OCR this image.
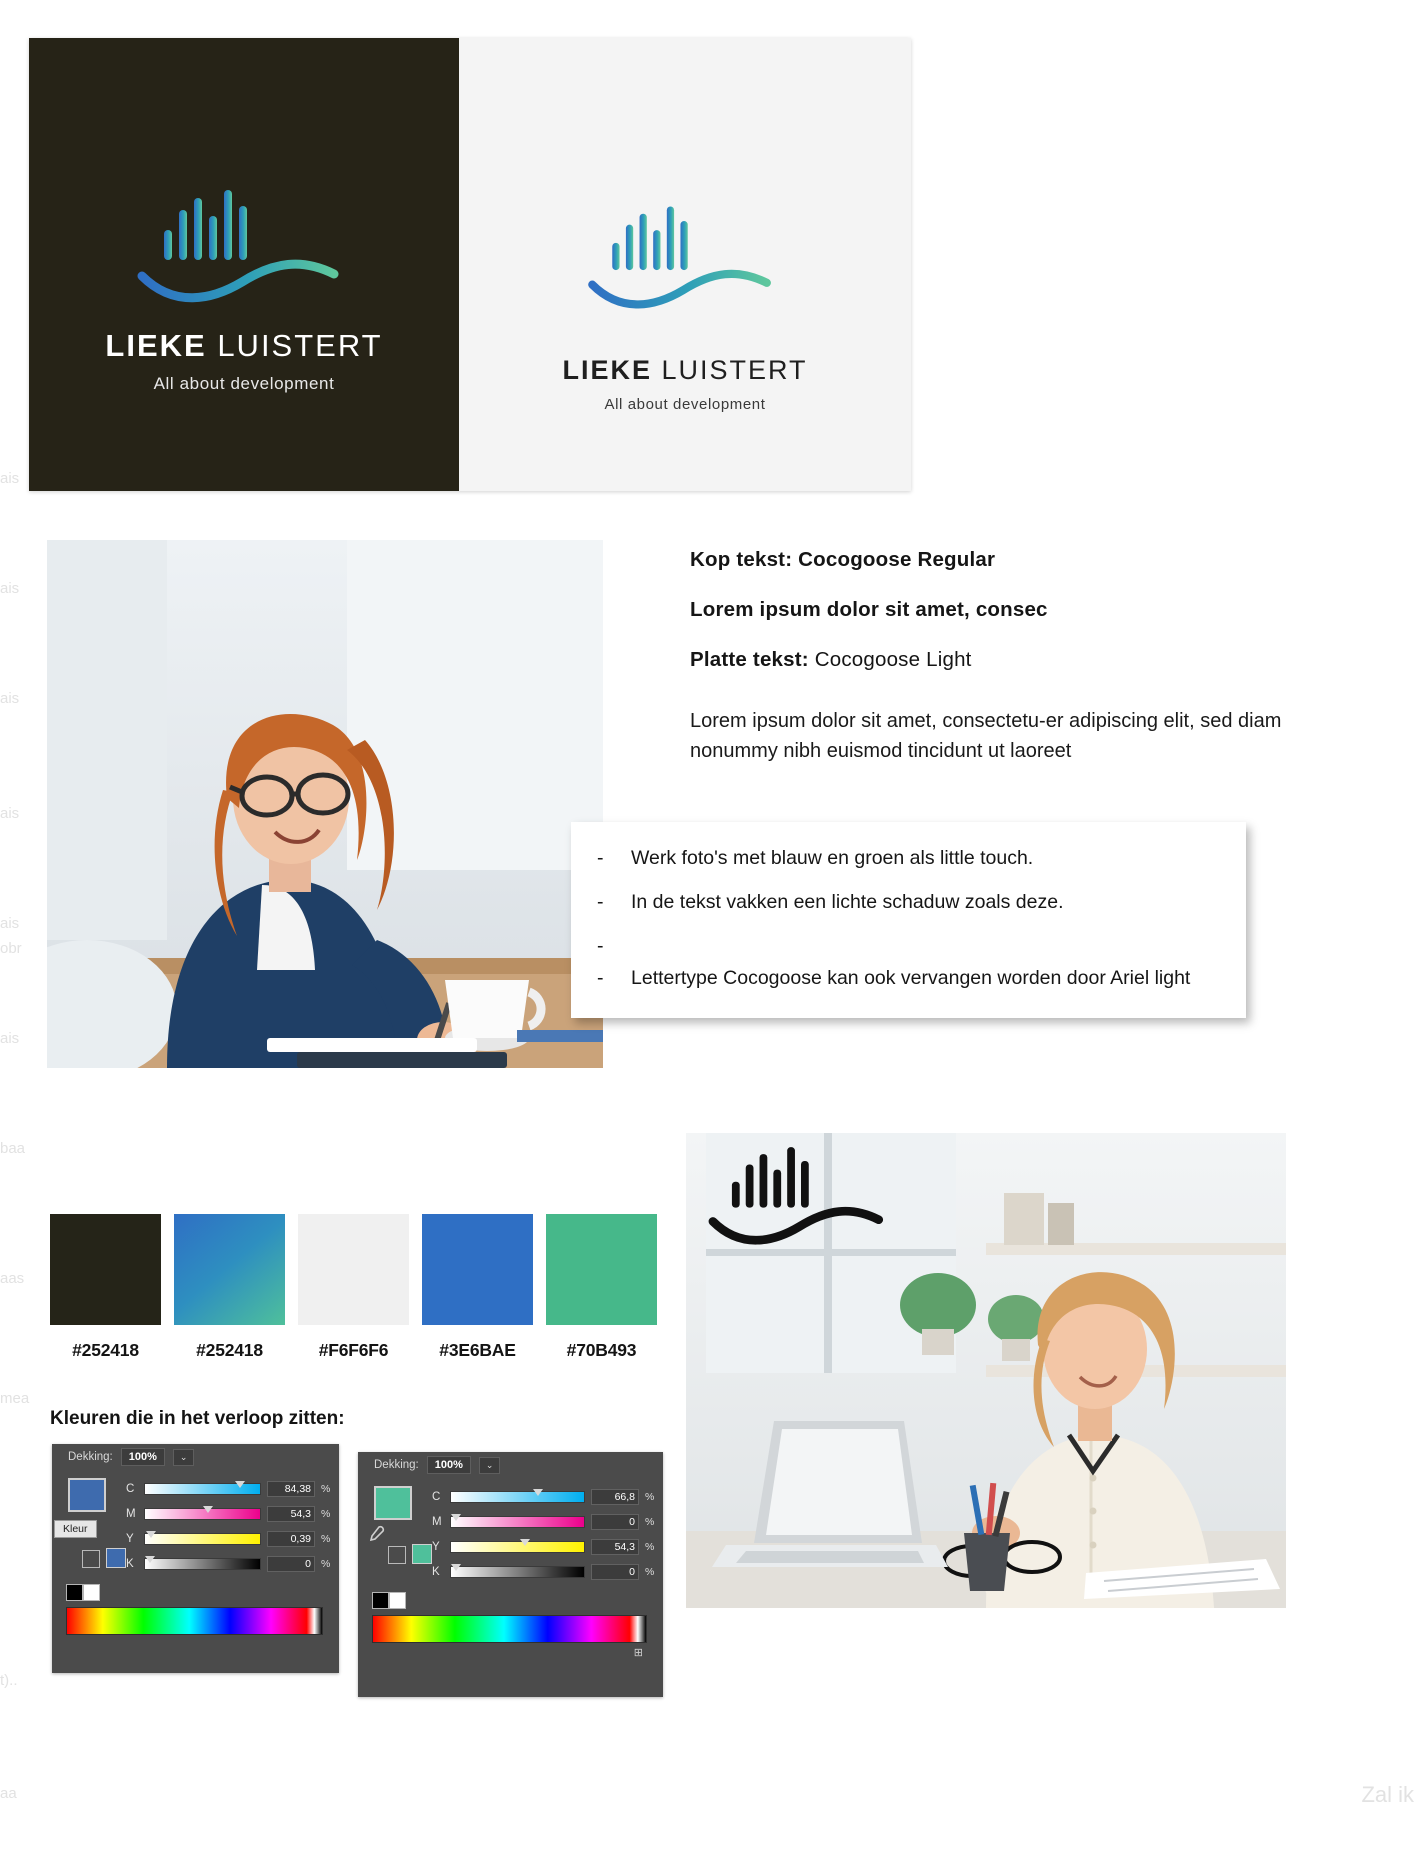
ais
ais
ais
ais
ais
obr
ais
baa
aas
mea
t)..
aa	Zal ik
LIEKE LUISTERT
All about development	LIEKE LUISTERT
All about development
Kop tekst: Cocogoose Regular
Lorem ipsum dolor sit amet, consec
Platte tekst: Cocogoose Light
Lorem ipsum dolor sit amet, consectetu-er adipiscing elit, sed diam nonummy nibh euismod tincidunt ut laoreet
-	Werk foto's met blauw en groen als little touch.
-	In de tekst vakken een lichte schaduw zoals deze.
-
-	Lettertype Cocogoose kan ook vervangen worden door Ariel light
#252418	#252418	#F6F6F6	#3E6BAE	#70B493
Kleuren die in het verloop zitten:
Dekking:	100%	⌄
Kleur
C	84,38 %
M	54,3 %
Y	0,39 %
K	0 %
Dekking:	100%	⌄
C	66,8 %
M	0 %
Y	54,3 %
K	0 %
⊞
